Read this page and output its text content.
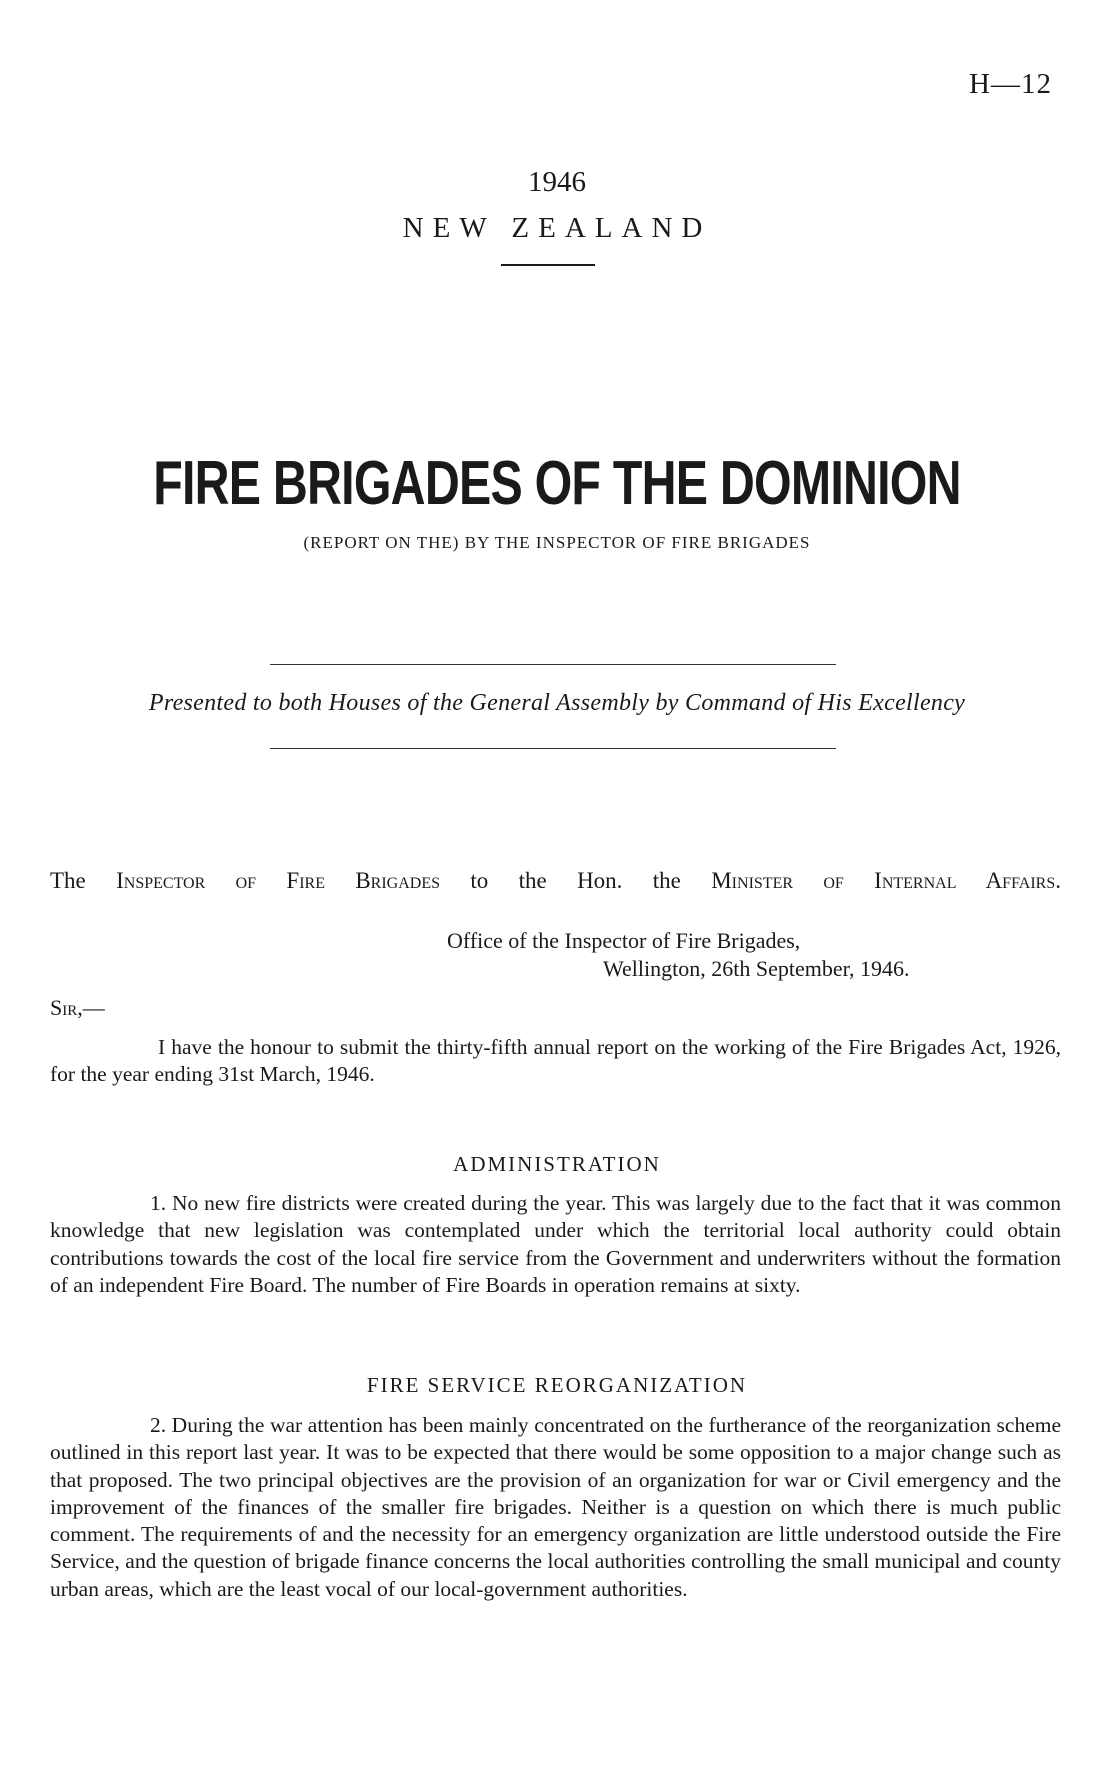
H—12
1946
NEW ZEALAND
FIRE BRIGADES OF THE DOMINION
(REPORT ON THE) BY THE INSPECTOR OF FIRE BRIGADES
Presented to both Houses of the General Assembly by Command of His Excellency
The Inspector of Fire Brigades to the Hon. the Minister of Internal Affairs.
Office of the Inspector of Fire Brigades,
Wellington, 26th September, 1946.
Sir,—

I have the honour to submit the thirty-fifth annual report on the working of the Fire Brigades Act, 1926, for the year ending 31st March, 1946.

ADMINISTRATION

1. No new fire districts were created during the year. This was largely due to the fact that it was common knowledge that new legislation was contemplated under which the territorial local authority could obtain contributions towards the cost of the local fire service from the Government and underwriters without the formation of an independent Fire Board. The number of Fire Boards in operation remains at sixty.

FIRE SERVICE REORGANIZATION

2. During the war attention has been mainly concentrated on the furtherance of the reorganization scheme outlined in this report last year. It was to be expected that there would be some opposition to a major change such as that proposed. The two principal objectives are the provision of an organization for war or Civil emergency and the improvement of the finances of the smaller fire brigades. Neither is a question on which there is much public comment. The requirements of and the necessity for an emergency organization are little understood outside the Fire Service, and the question of brigade finance concerns the local authorities controlling the small municipal and county urban areas, which are the least vocal of our local-government authorities.
